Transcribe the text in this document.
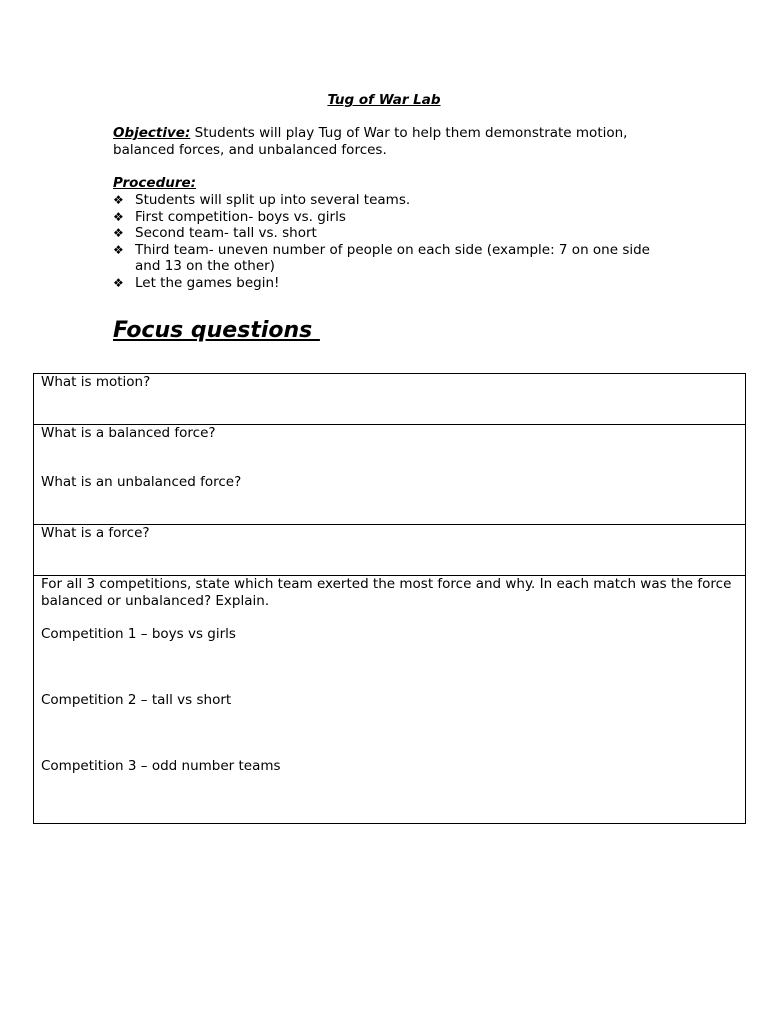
Tug of War Lab
Objective: Students will play Tug of War to help them demonstrate motion, balanced forces, and unbalanced forces.
Procedure:
❖ Students will split up into several teams.
❖ First competition- boys vs. girls
❖ Second team- tall vs. short
❖ Third team- uneven number of people on each side (example: 7 on one side and 13 on the other)
❖ Let the games begin!
Focus questions

What is motion?

What is a balanced force?

What is an unbalanced force?

What is a force?

For all 3 competitions, state which team exerted the most force and why. In each match was the force balanced or unbalanced? Explain.

Competition 1 – boys vs girls

Competition 2 – tall vs short

Competition 3 – odd number teams
